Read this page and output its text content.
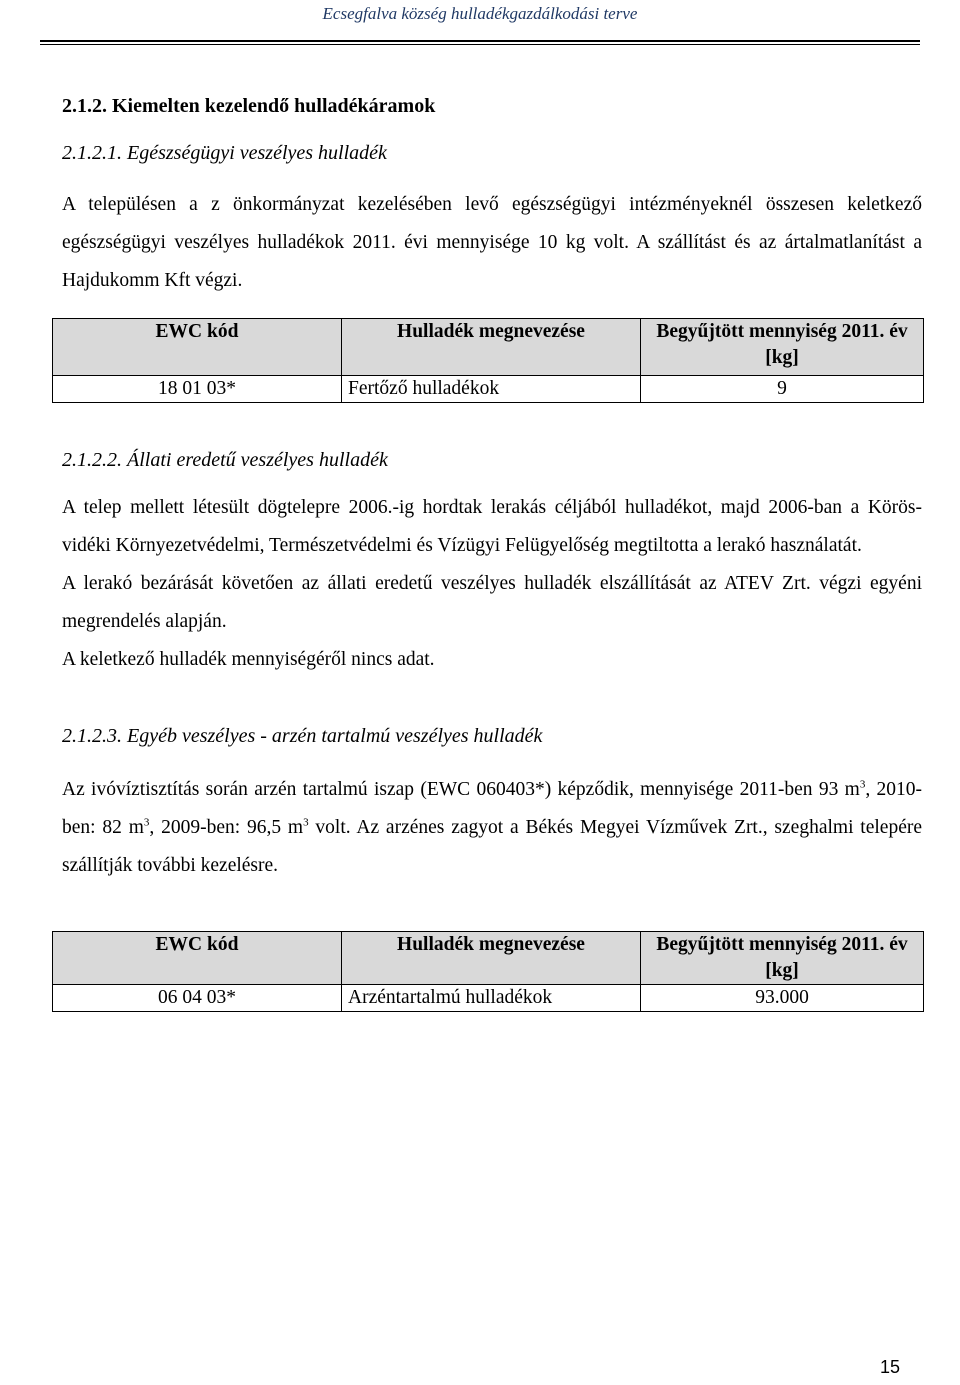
Ecsegfalva község hulladékgazdálkodási terve
2.1.2. Kiemelten kezelendő hulladékáramok
2.1.2.1. Egészségügyi veszélyes hulladék

A településen a z önkormányzat kezelésében levő egészségügyi intézményeknél összesen keletkező egészségügyi veszélyes hulladékok 2011. évi mennyisége 10 kg volt. A szállítást és az ártalmatlanítást a Hajdukomm Kft végzi.

EWC kód	Hulladék megnevezése	Begyűjtött mennyiség 2011. év [kg]
18 01 03*	Fertőző hulladékok	9
2.1.2.2. Állati eredetű veszélyes hulladék

A telep mellett létesült dögtelepre 2006.-ig hordtak lerakás céljából hulladékot, majd 2006-ban a Körös-vidéki Környezetvédelmi, Természetvédelmi és Vízügyi Felügyelőség megtiltotta a lerakó használatát.

A lerakó bezárását követően az állati eredetű veszélyes hulladék elszállítását az ATEV Zrt. végzi egyéni megrendelés alapján.

A keletkező hulladék mennyiségéről nincs adat.

2.1.2.3. Egyéb veszélyes - arzén tartalmú veszélyes hulladék

Az ivóvíztisztítás során arzén tartalmú iszap (EWC 060403*) képződik, mennyisége 2011-ben 93 $m^3$, 2010-ben: 82 $m^3$, 2009-ben: 96,5 $m^3$ volt. Az arzénes zagyot a Békés Megyei Vízművek Zrt., szeghalmi telepére szállítják további kezelésre.

EWC kód	Hulladék megnevezése	Begyűjtött mennyiség 2011. év [kg]
06 04 03*	Arzéntartalmú hulladékok	93.000
15
